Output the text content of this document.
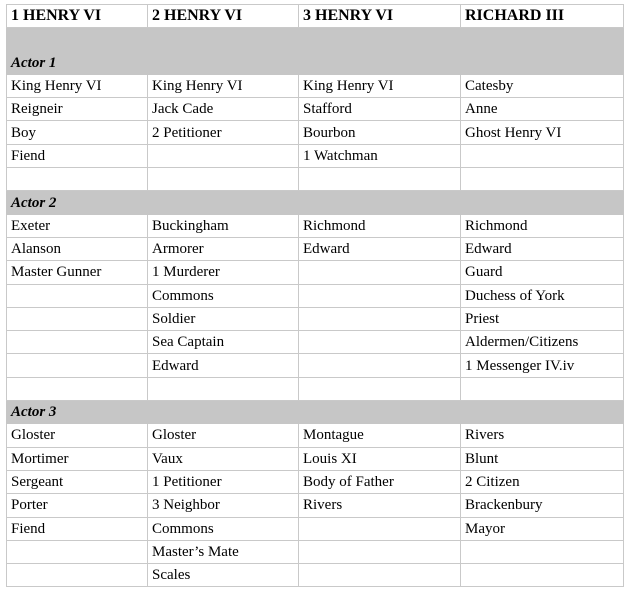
1 HENRY VI	2 HENRY VI	3 HENRY VI	RICHARD III

Actor 1			
King Henry VI	King Henry VI	King Henry VI	Catesby
Reigneir	Jack Cade	Stafford	Anne
Boy	2 Petitioner	Bourbon	Ghost Henry VI
Fiend		1 Watchman	

Actor 2			
Exeter	Buckingham	Richmond	Richmond
Alanson	Armorer	Edward	Edward
Master Gunner	1 Murderer		Guard
	Commons		Duchess of York
	Soldier		Priest
	Sea Captain		Aldermen/Citizens
	Edward		1 Messenger IV.iv

Actor 3			
Gloster	Gloster	Montague	Rivers
Mortimer	Vaux	Louis XI	Blunt
Sergeant	1 Petitioner	Body of Father	2 Citizen
Porter	3 Neighbor	Rivers	Brackenbury
Fiend	Commons		Mayor
	Master’s Mate		
	Scales		
